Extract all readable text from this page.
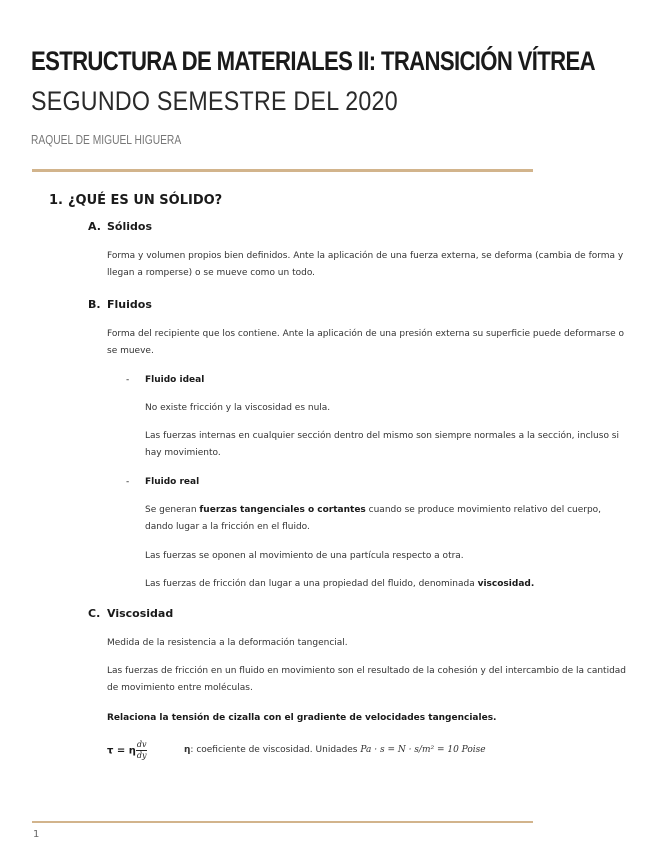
ESTRUCTURA DE MATERIALES II: TRANSICIÓN VÍTREA
SEGUNDO SEMESTRE DEL 2020
RAQUEL DE MIGUEL HIGUERA
1. ¿QUÉ ES UN SÓLIDO?
A. Sólidos

Forma y volumen propios bien definidos. Ante la aplicación de una fuerza externa, se deforma (cambia de forma y llegan a romperse) o se mueve como un todo.

B. Fluidos

Forma del recipiente que los contiene. Ante la aplicación de una presión externa su superficie puede deformarse o se mueve.

- Fluido ideal

No existe fricción y la viscosidad es nula.

Las fuerzas internas en cualquier sección dentro del mismo son siempre normales a la sección, incluso si hay movimiento.

- Fluido real

Se generan fuerzas tangenciales o cortantes cuando se produce movimiento relativo del cuerpo, dando lugar a la fricción en el fluido.

Las fuerzas se oponen al movimiento de una partícula respecto a otra.

Las fuerzas de fricción dan lugar a una propiedad del fluido, denominada viscosidad.

C. Viscosidad

Medida de la resistencia a la deformación tangencial.

Las fuerzas de fricción en un fluido en movimiento son el resultado de la cohesión y del intercambio de la cantidad de movimiento entre moléculas.

Relaciona la tensión de cizalla con el gradiente de velocidades tangenciales.

τ = η $\frac{dv}{dy}$	η: coeficiente de viscosidad. Unidades Pa · s = N · s/m² = 10 Poise
1
